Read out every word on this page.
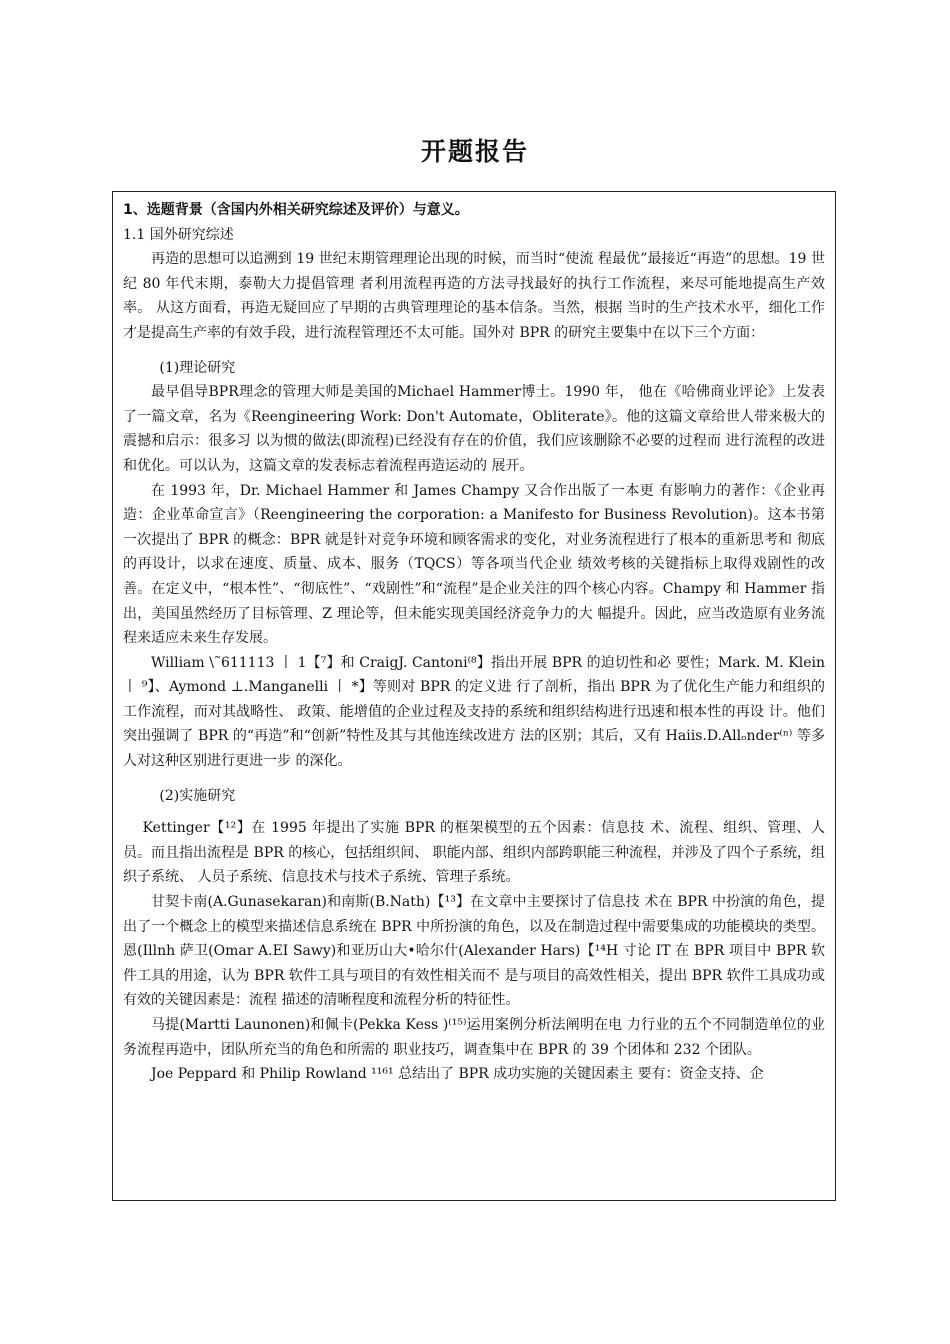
开题报告

1、选题背景（含国内外相关研究综述及评价）与意义。

1.1 国外研究综述

再造的思想可以追溯到 19 世纪末期管理理论出现的时候，而当时“使流 程最优”最接近“再造”的思想。19 世纪 80 年代末期，泰勒大力提倡管理 者利用流程再造的方法寻找最好的执行工作流程，来尽可能地提高生产效率。 从这方面看，再造无疑回应了早期的古典管理理论的基本信条。当然，根据 当时的生产技术水平，细化工作才是提高生产率的有效手段，进行流程管理还不太可能。国外对 BPR 的研究主要集中在以下三个方面：

(1)理论研究

最早倡导BPR理念的管理大师是美国的Michael Hammer博士。1990 年， 他在《哈佛商业评论》上发表了一篇文章，名为《Reengineering Work: Don't Automate，Obliterate》。他的这篇文章给世人带来极大的震撼和启示：很多习 以为惯的做法(即流程)已经没有存在的价值，我们应该删除不必要的过程而 进行流程的改进和优化。可以认为，这篇文章的发表标志着流程再造运动的 展开。

在 1993 年，Dr. Michael Hammer 和 James Champy 又合作出版了一本更 有影响力的著作：《企业再造：企业革命宣言》（Reengineering the corporation: a Manifesto for Business Revolution)。这本书第一次提出了 BPR 的概念：BPR 就是针对竞争环境和顾客需求的变化，对业务流程进行了根本的重新思考和 彻底的再设计，以求在速度、质量、成本、服务（TQCS）等各项当代企业 绩效考核的关键指标上取得戏剧性的改善。在定义中，“根本性”、“彻底性”、“戏剧性”和“流程”是企业关注的四个核心内容。Champy 和 Hammer 指 出，美国虽然经历了目标管理、Z 理论等，但未能实现美国经济竞争力的大 幅提升。因此，应当改造原有业务流程来适应未来生存发展。

William \˜611113 丨 1【⁷】和 CraigJ. Cantoni⁽⁸】指出开展 BPR 的迫切性和必 要性；Mark. M. Klein 丨 ⁹】、Aymond ⊥.Manganelli 丨 *】等则对 BPR 的定义进 行了剖析，指出 BPR 为了优化生产能力和组织的工作流程，而对其战略性、 政策、能增值的企业过程及支持的系统和组织结构进行迅速和根本性的再设 计。他们突出强调了 BPR 的“再造”和“创新”特性及其与其他连续改进方 法的区别；其后，又有 Haiis.D.Allₒnder⁽ⁿ⁾ 等多人对这种区别进行更进一步 的深化。

(2)实施研究

Kettinger【¹²】在 1995 年提出了实施 BPR 的框架模型的五个因素：信息技 术、流程、组织、管理、人员。而且指出流程是 BPR 的核心，包括组织间、 职能内部、组织内部跨职能三种流程，并涉及了四个子系统，组织子系统、 人员子系统、信息技术与技术子系统、管理子系统。

甘契卡南(A.Gunasekaran)和南斯(B.Nath)【¹³】在文章中主要探讨了信息技 术在 BPR 中扮演的角色，提出了一个概念上的模型来描述信息系统在 BPR 中所扮演的角色，以及在制造过程中需要集成的功能模块的类型。恩(Illnh 萨卫(Omar A.EI Sawy)和亚历山大•哈尔什(Alexander Hars)【¹⁴H 寸论 IT 在 BPR 项目中 BPR 软件工具的用途，认为 BPR 软件工具与项目的有效性相关而不 是与项目的高效性相关，提出 BPR 软件工具成功或有效的关键因素是：流程 描述的清晰程度和流程分析的特征性。

马提(Martti Launonen)和佩卡(Pekka Kess )⁽¹⁵⁾运用案例分析法阐明在电 力行业的五个不同制造单位的业务流程再造中，团队所充当的角色和所需的 职业技巧，调查集中在 BPR 的 39 个团体和 232 个团队。

Joe Peppard 和 Philip Rowland ¹¹⁶¹ 总结出了 BPR 成功实施的关键因素主 要有：资金支持、企
